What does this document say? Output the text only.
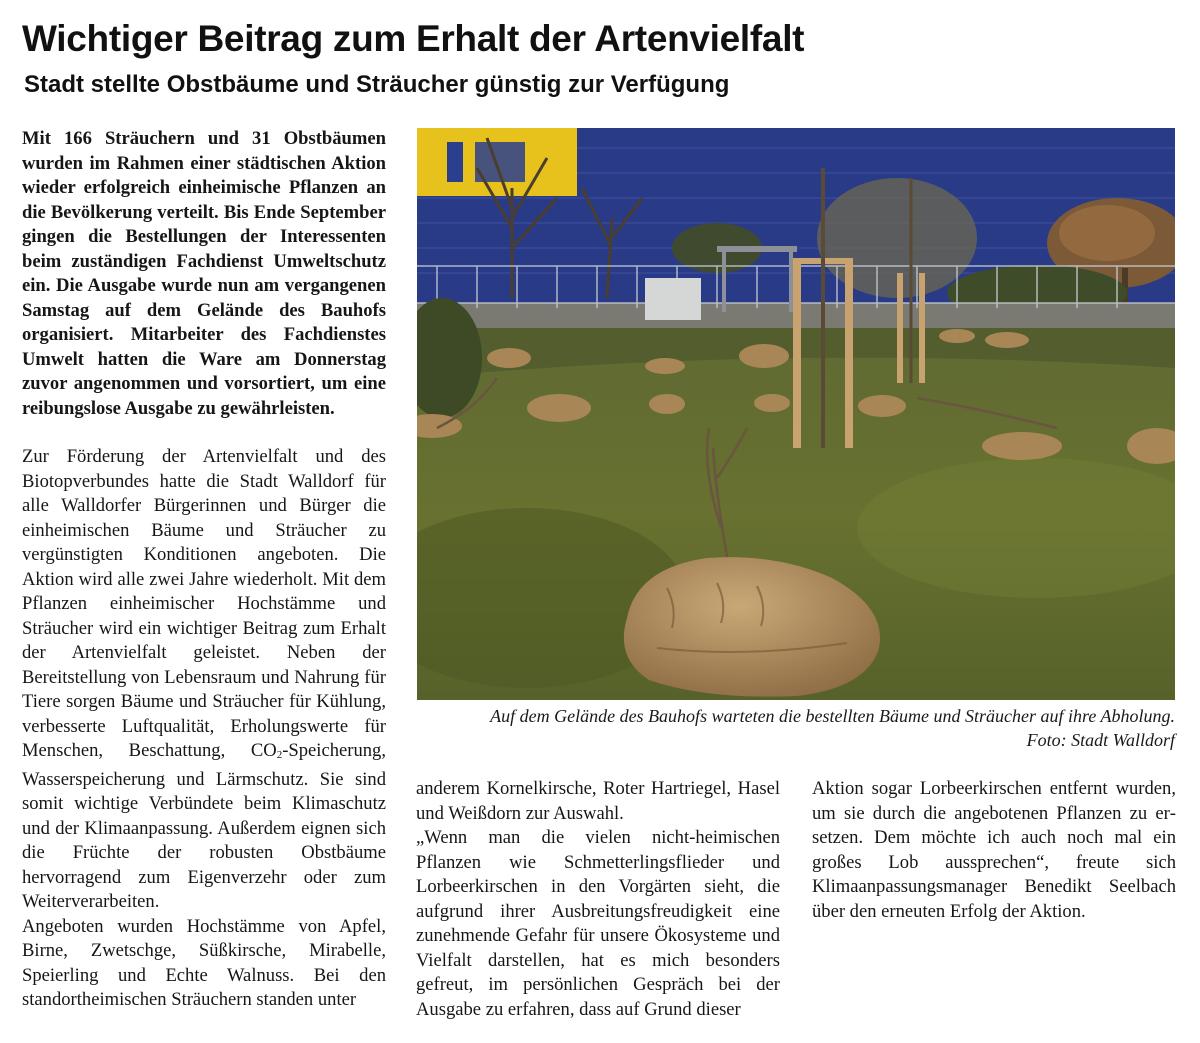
Wichtiger Beitrag zum Erhalt der Artenvielfalt
Stadt stellte Obstbäume und Sträucher günstig zur Verfügung

Mit 166 Sträuchern und 31 Obstbäumen wurden im Rahmen einer städtischen Aktion wieder erfolgreich einheimische Pflanzen an die Bevölkerung verteilt. Bis Ende September gingen die Bestellungen der Interessenten beim zuständigen Fachdienst Umweltschutz ein. Die Ausgabe wurde nun am vergangenen Samstag auf dem Gelände des Bauhofs organisiert. Mitarbeiter des Fachdienstes Umwelt hatten die Ware am Donnerstag zuvor angenommen und vorsortiert, um eine reibungslose Ausgabe zu gewährleisten.

Zur Förderung der Artenvielfalt und des Biotopverbundes hatte die Stadt Walldorf für alle Walldorfer Bürgerinnen und Bürger die einheimischen Bäume und Sträucher zu vergünstigten Konditionen angeboten. Die Aktion wird alle zwei Jahre wiederholt. Mit dem Pflanzen einheimischer Hochstämme und Sträucher wird ein wichtiger Beitrag zum Erhalt der Artenvielfalt geleistet. Neben der Bereitstellung von Lebensraum und Nahrung für Tiere sorgen Bäume und Sträucher für Kühlung, verbesserte Luftqualität, Erholungswerte für Menschen, Beschattung, $CO_2$-Speicherung, Wasserspeicherung und Lärmschutz. Sie sind somit wichtige Verbündete beim Klimaschutz und der Klimaanpassung. Außerdem eignen sich die Früchte der robusten Obstbäume hervorragend zum Eigenverzehr oder zum Weiterverarbeiten.

Angeboten wurden Hochstämme von Apfel, Birne, Zwetschge, Süßkirsche, Mirabelle, Speierling und Echte Walnuss. Bei den standortheimischen Sträuchern standen unter

Auf dem Gelände des Bauhofs warteten die bestellten Bäume und Sträucher auf ihre Abholung.
Foto: Stadt Walldorf

anderem Kornelkirsche, Roter Hartriegel, Hasel und Weißdorn zur Auswahl.

„Wenn man die vielen nicht-heimischen Pflanzen wie Schmetterlingsflieder und Lorbeerkirschen in den Vorgärten sieht, die aufgrund ihrer Ausbreitungsfreudigkeit eine zunehmende Gefahr für unsere Ökosysteme und Vielfalt darstellen, hat es mich besonders gefreut, im persönlichen Gespräch bei der Ausgabe zu erfahren, dass auf Grund dieser

Aktion sogar Lorbeerkirschen entfernt wurden, um sie durch die angebotenen Pflanzen zu ersetzen. Dem möchte ich auch noch mal ein großes Lob aussprechen“, freute sich Klimaanpassungsmanager Benedikt Seelbach über den erneuten Erfolg der Aktion.
